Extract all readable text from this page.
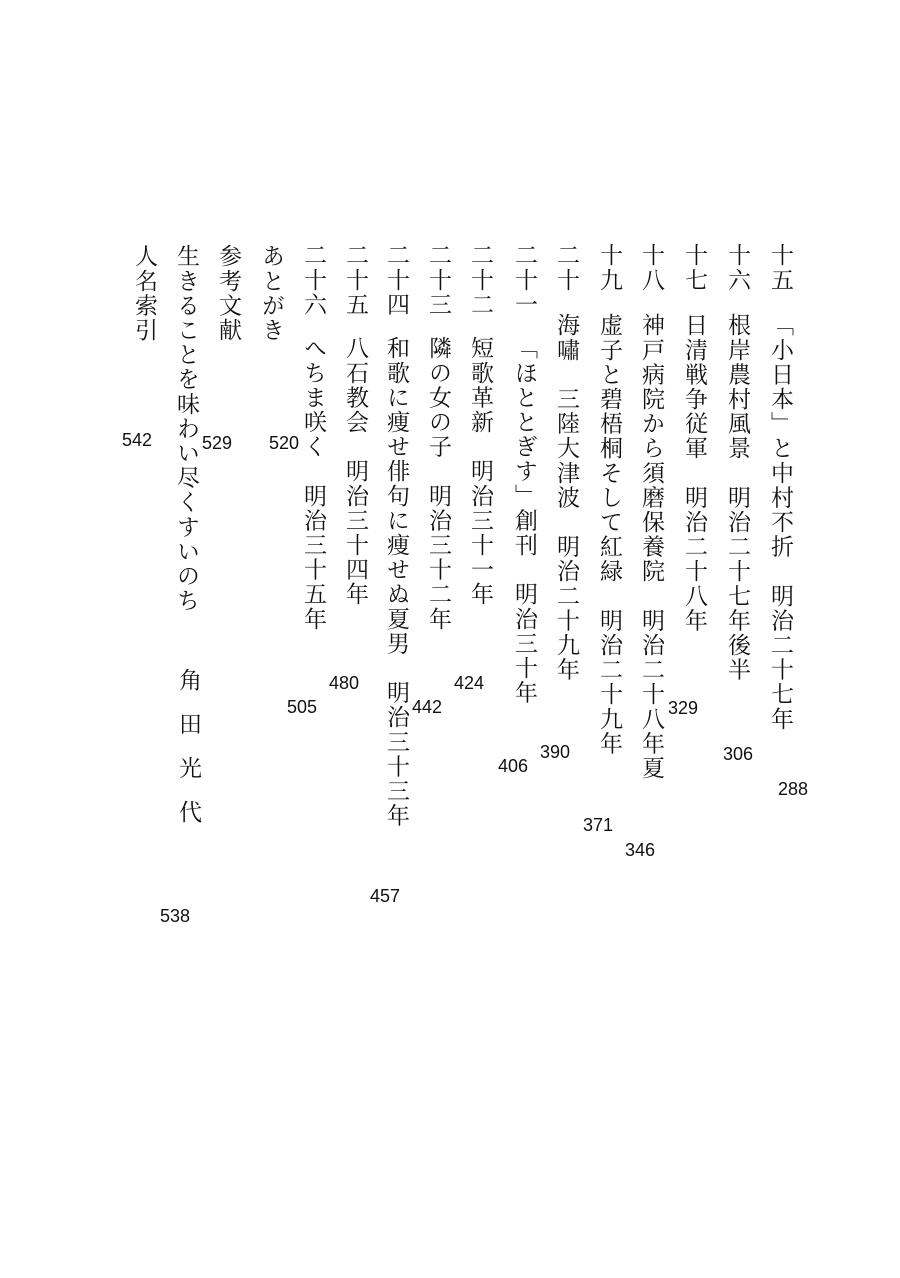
十五
「小日本」と中村不折　明治二十七年
288
十六
根岸農村風景　明治二十七年後半
306
十七
日清戦争従軍　明治二十八年
329
十八
神戸病院から須磨保養院　明治二十八年夏
346
十九
虚子と碧梧桐そして紅緑　明治二十九年
371
二十
海嘯　三陸大津波　明治二十九年
390
二十一
「ほととぎす」創刊　明治三十年
406
二十二
短歌革新　明治三十一年
424
二十三
隣の女の子　明治三十二年
442
二十四
和歌に痩せ俳句に痩せぬ夏男　明治三十三年
457
二十五
八石教会　明治三十四年
480
二十六
へちま咲く　明治三十五年
505
あとがき
520
参考文献
529
生きることを味わい尽くすいのち
角田光代
538
人名索引
542
